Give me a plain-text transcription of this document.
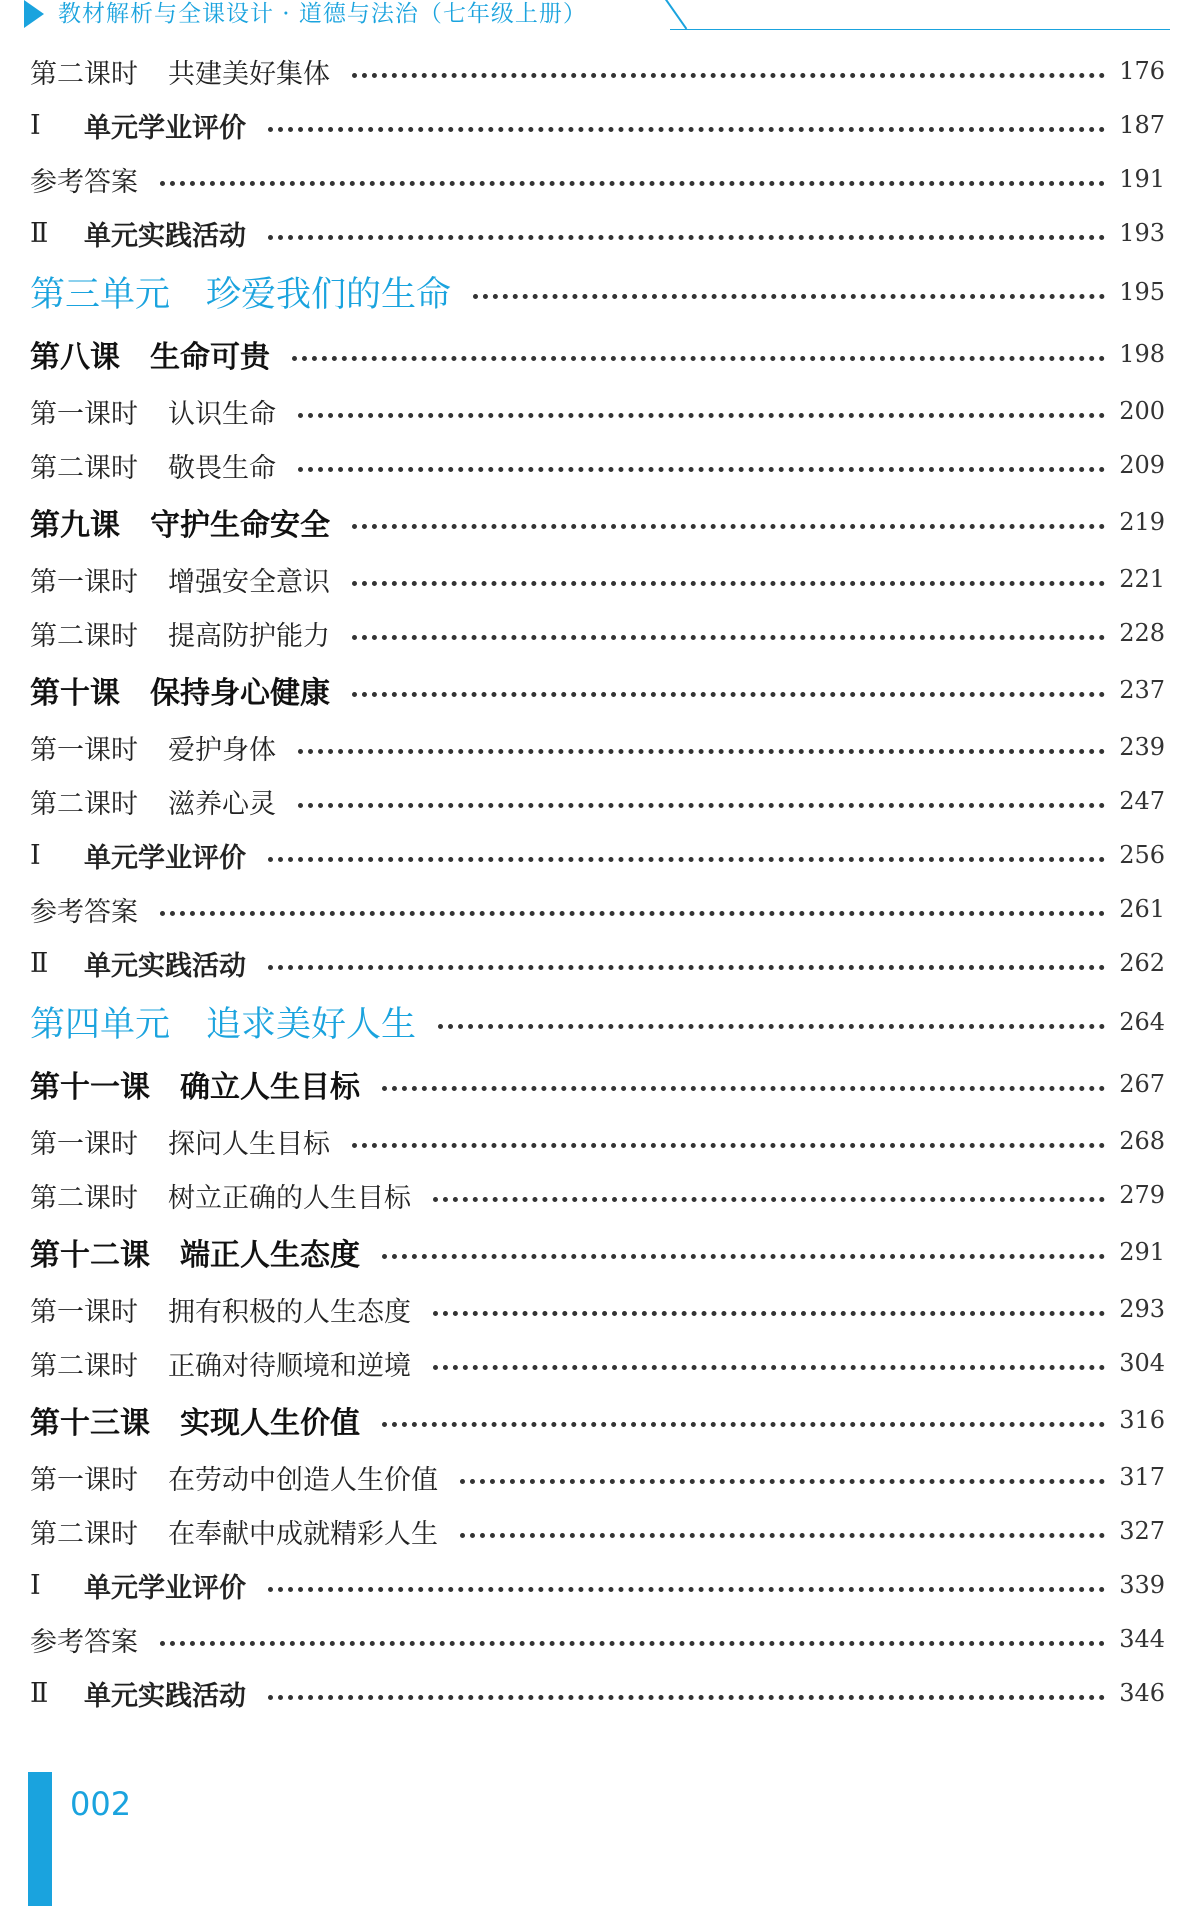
教材解析与全课设计 · 道德与法治（七年级上册）
第二课时	共建美好集体	176
Ⅰ	单元学业评价	187
参考答案	191
Ⅱ	单元实践活动	193
第三单元	珍爱我们的生命	195
第八课	生命可贵	198
第一课时	认识生命	200
第二课时	敬畏生命	209
第九课	守护生命安全	219
第一课时	增强安全意识	221
第二课时	提高防护能力	228
第十课	保持身心健康	237
第一课时	爱护身体	239
第二课时	滋养心灵	247
Ⅰ	单元学业评价	256
参考答案	261
Ⅱ	单元实践活动	262
第四单元	追求美好人生	264
第十一课	确立人生目标	267
第一课时	探问人生目标	268
第二课时	树立正确的人生目标	279
第十二课	端正人生态度	291
第一课时	拥有积极的人生态度	293
第二课时	正确对待顺境和逆境	304
第十三课	实现人生价值	316
第一课时	在劳动中创造人生价值	317
第二课时	在奉献中成就精彩人生	327
Ⅰ	单元学业评价	339
参考答案	344
Ⅱ	单元实践活动	346
002
